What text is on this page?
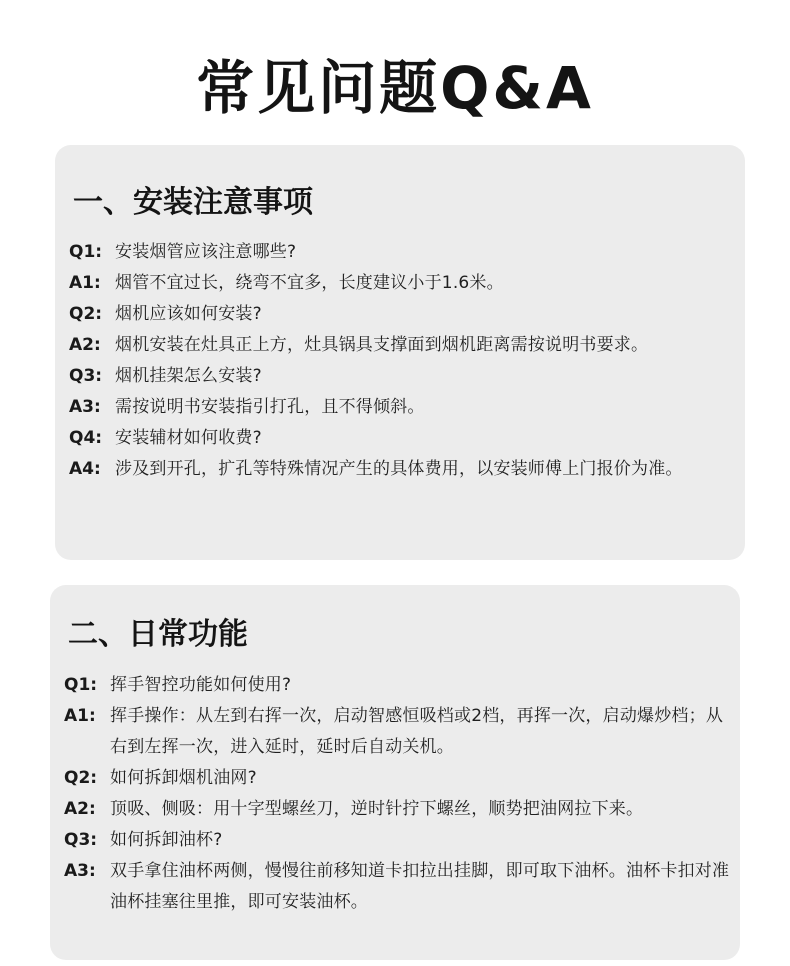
常见问题Q&A
一、安装注意事项
Q1: 安装烟管应该注意哪些?
A1: 烟管不宜过长，绕弯不宜多，长度建议小于1.6米。
Q2: 烟机应该如何安装?
A2: 烟机安装在灶具正上方，灶具锅具支撑面到烟机距离需按说明书要求。
Q3: 烟机挂架怎么安装?
A3: 需按说明书安装指引打孔，且不得倾斜。
Q4: 安装辅材如何收费?
A4: 涉及到开孔，扩孔等特殊情况产生的具体费用，以安装师傅上门报价为准。
二、日常功能
Q1: 挥手智控功能如何使用?
A1: 挥手操作：从左到右挥一次，启动智感恒吸档或2档，再挥一次，启动爆炒档；从右到左挥一次，进入延时，延时后自动关机。
Q2: 如何拆卸烟机油网?
A2: 顶吸、侧吸：用十字型螺丝刀，逆时针拧下螺丝，顺势把油网拉下来。
Q3: 如何拆卸油杯?
A3: 双手拿住油杯两侧，慢慢往前移知道卡扣拉出挂脚，即可取下油杯。油杯卡扣对准油杯挂塞往里推，即可安装油杯。
